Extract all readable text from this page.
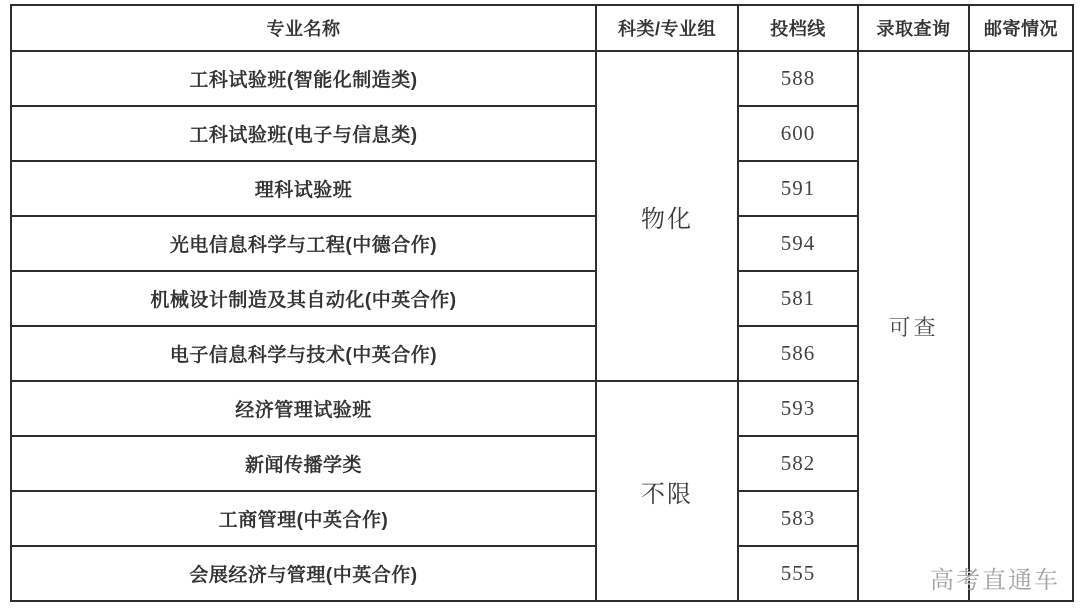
专业名称	科类/专业组	投档线	录取查询	邮寄情况
工科试验班(智能化制造类)	物化	588	可查	
工科试验班(电子与信息类)		600		
理科试验班		591		
光电信息科学与工程(中德合作)		594		
机械设计制造及其自动化(中英合作)		581		
电子信息科学与技术(中英合作)		586		
经济管理试验班	不限	593		
新闻传播学类		582		
工商管理(中英合作)		583		
会展经济与管理(中英合作)		555			高考直通车
